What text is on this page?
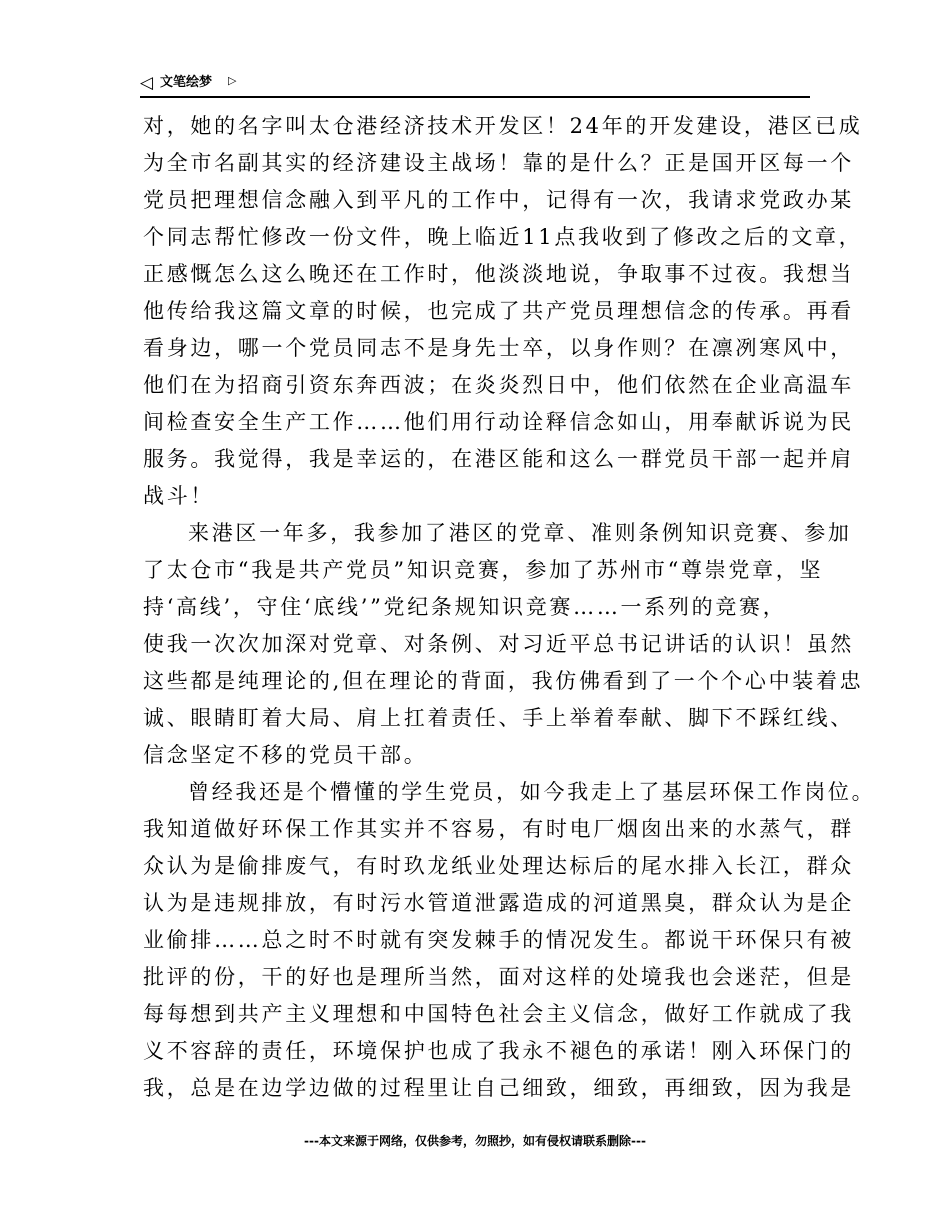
◁ 文笔绘梦 ▷
对，她的名字叫太仓港经济技术开发区！24年的开发建设，港区已成
为全市名副其实的经济建设主战场！靠的是什么？正是国开区每一个
党员把理想信念融入到平凡的工作中，记得有一次，我请求党政办某
个同志帮忙修改一份文件，晚上临近11点我收到了修改之后的文章，
正感慨怎么这么晚还在工作时，他淡淡地说，争取事不过夜。我想当
他传给我这篇文章的时候，也完成了共产党员理想信念的传承。再看
看身边，哪一个党员同志不是身先士卒，以身作则？在凛冽寒风中，
他们在为招商引资东奔西波；在炎炎烈日中，他们依然在企业高温车
间检查安全生产工作……他们用行动诠释信念如山，用奉献诉说为民
服务。我觉得，我是幸运的，在港区能和这么一群党员干部一起并肩
战斗！
来港区一年多，我参加了港区的党章、准则条例知识竞赛、参加
了太仓市“我是共产党员”知识竞赛，参加了苏州市“尊崇党章，坚
持‘高线’，守住‘底线’”党纪条规知识竞赛……一系列的竞赛，
使我一次次加深对党章、对条例、对习近平总书记讲话的认识！虽然
这些都是纯理论的,但在理论的背面，我仿佛看到了一个个心中装着忠
诚、眼睛盯着大局、肩上扛着责任、手上举着奉献、脚下不踩红线、
信念坚定不移的党员干部。
曾经我还是个懵懂的学生党员，如今我走上了基层环保工作岗位。
我知道做好环保工作其实并不容易，有时电厂烟囱出来的水蒸气，群
众认为是偷排废气，有时玖龙纸业处理达标后的尾水排入长江，群众
认为是违规排放，有时污水管道泄露造成的河道黑臭，群众认为是企
业偷排……总之时不时就有突发棘手的情况发生。都说干环保只有被
批评的份，干的好也是理所当然，面对这样的处境我也会迷茫，但是
每每想到共产主义理想和中国特色社会主义信念，做好工作就成了我
义不容辞的责任，环境保护也成了我永不褪色的承诺！刚入环保门的
我，总是在边学边做的过程里让自己细致，细致，再细致，因为我是
---本文来源于网络，仅供参考，勿照抄，如有侵权请联系删除---
